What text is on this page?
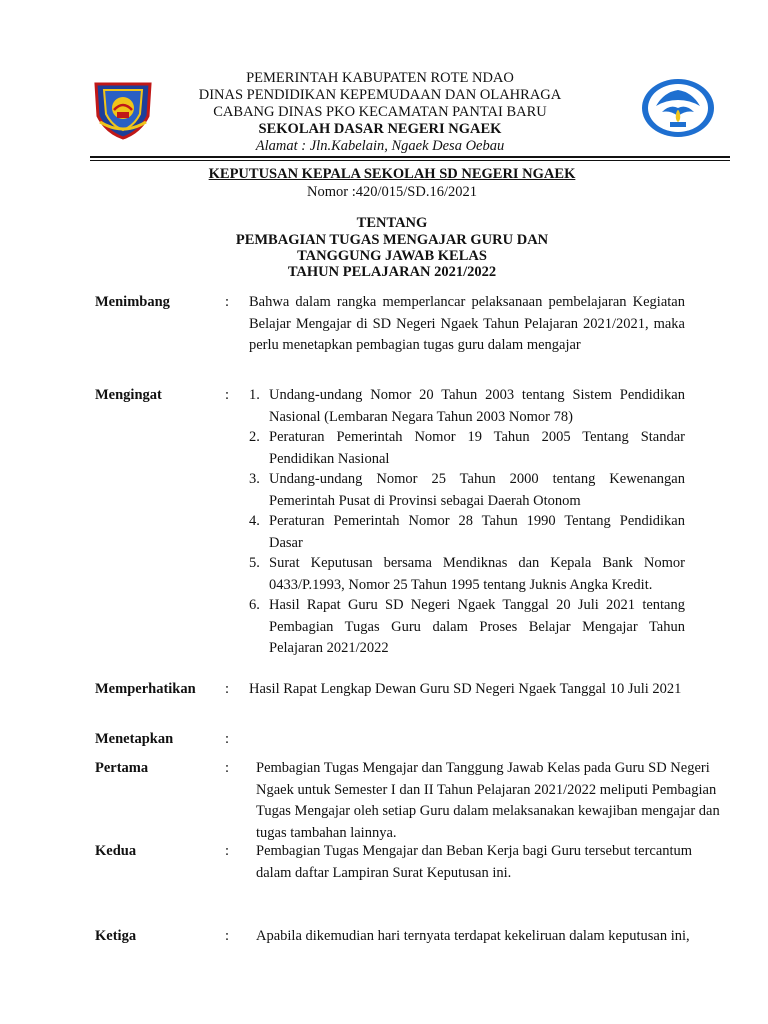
PEMERINTAH KABUPATEN ROTE NDAO
DINAS PENDIDIKAN KEPEMUDAAN DAN OLAHRAGA
CABANG DINAS PKO KECAMATAN PANTAI BARU
SEKOLAH DASAR NEGERI NGAEK
Alamat : Jln.Kabelain, Ngaek Desa Oebau
KEPUTUSAN KEPALA SEKOLAH SD NEGERI NGAEK
Nomor :420/015/SD.16/2021
TENTANG
PEMBAGIAN TUGAS MENGAJAR GURU DAN
TANGGUNG JAWAB KELAS
TAHUN PELAJARAN 2021/2022
Menimbang	: Bahwa dalam rangka memperlancar pelaksanaan pembelajaran Kegiatan Belajar Mengajar di SD Negeri Ngaek Tahun Pelajaran 2021/2021, maka perlu menetapkan pembagian tugas guru dalam mengajar
Mengingat	: 1. Undang-undang Nomor 20 Tahun 2003 tentang Sistem Pendidikan Nasional (Lembaran Negara Tahun 2003 Nomor 78)
2. Peraturan Pemerintah Nomor 19 Tahun 2005 Tentang Standar Pendidikan Nasional
3. Undang-undang Nomor 25 Tahun 2000 tentang Kewenangan Pemerintah Pusat di Provinsi sebagai Daerah Otonom
4. Peraturan Pemerintah Nomor 28 Tahun 1990 Tentang Pendidikan Dasar
5. Surat Keputusan bersama Mendiknas dan Kepala Bank Nomor 0433/P.1993, Nomor 25 Tahun 1995 tentang Juknis Angka Kredit.
6. Hasil Rapat Guru SD Negeri Ngaek Tanggal 20 Juli 2021 tentang Pembagian Tugas Guru dalam Proses Belajar Mengajar Tahun Pelajaran 2021/2022
Memperhatikan : Hasil Rapat Lengkap Dewan Guru SD Negeri Ngaek Tanggal 10 Juli 2021
Menetapkan	:
Pertama	: Pembagian Tugas Mengajar dan Tanggung Jawab Kelas pada Guru SD Negeri Ngaek untuk Semester I dan II Tahun Pelajaran 2021/2022 meliputi Pembagian Tugas Mengajar oleh setiap Guru dalam melaksanakan kewajiban mengajar dan tugas tambahan lainnya.
Kedua	: Pembagian Tugas Mengajar dan Beban Kerja bagi Guru tersebut tercantum dalam daftar Lampiran Surat Keputusan ini.
Ketiga	: Apabila dikemudian hari ternyata terdapat kekeliruan dalam keputusan ini,
